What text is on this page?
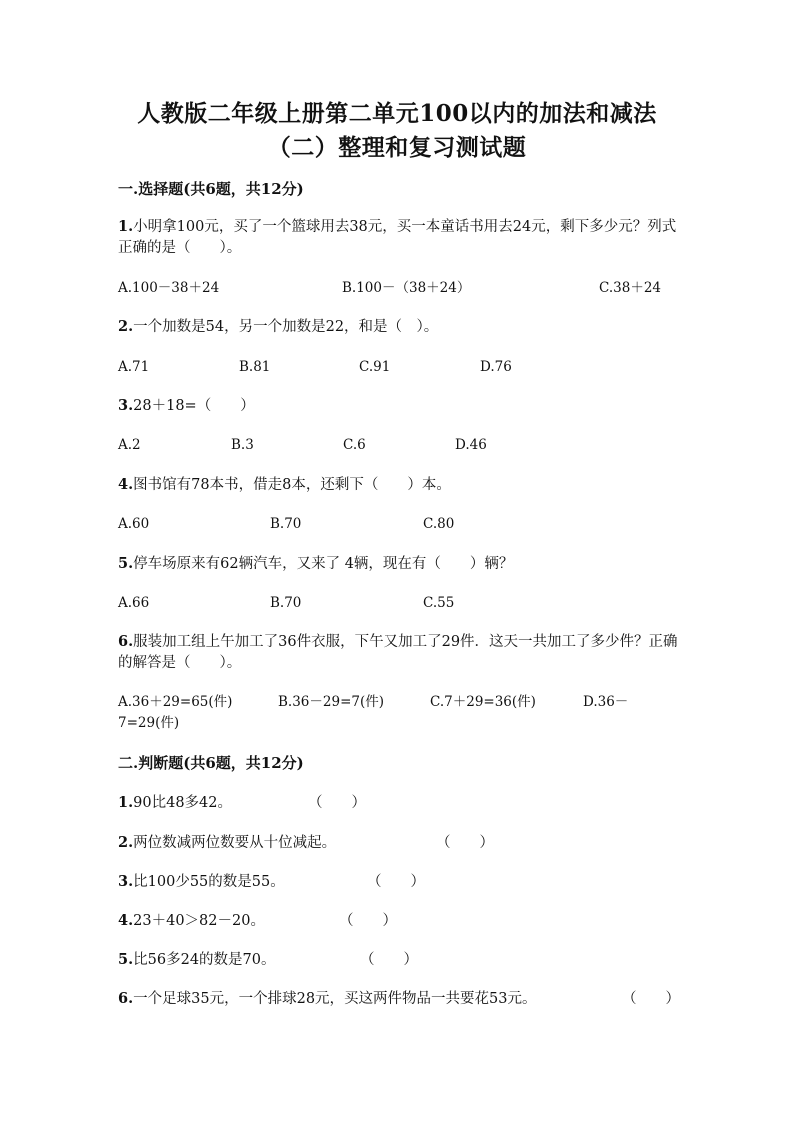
人教版二年级上册第二单元100以内的加法和减法
（二）整理和复习测试题
一.选择题(共6题，共12分)
1.小明拿100元，买了一个篮球用去38元，买一本童话书用去24元，剩下多少元？列式正确的是（　　）。
A.100－38＋24	B.100－（38＋24）	C.38＋24
2.一个加数是54，另一个加数是22，和是（　）。
A.71	B.81	C.91	D.76
3.28＋18=（　　）
A.2	B.3	C.6	D.46
4.图书馆有78本书，借走8本，还剩下（　　）本。
A.60	B.70	C.80
5.停车场原来有62辆汽车，又来了 4辆，现在有（　　）辆？
A.66	B.70	C.55
6.服装加工组上午加工了36件衣服，下午又加工了29件．这天一共加工了多少件？正确的解答是（　　）。
A.36＋29=65(件)	B.36－29=7(件)	C.7＋29=36(件)	D.36－
7=29(件)
二.判断题(共6题，共12分)
1.90比48多42。	（　　）
2.两位数减两位数要从十位减起。	（　　）
3.比100少55的数是55。	（　　）
4.23＋40＞82－20。	（　　）
5.比56多24的数是70。	（　　）
6.一个足球35元，一个排球28元，买这两件物品一共要花53元。	（　　）
